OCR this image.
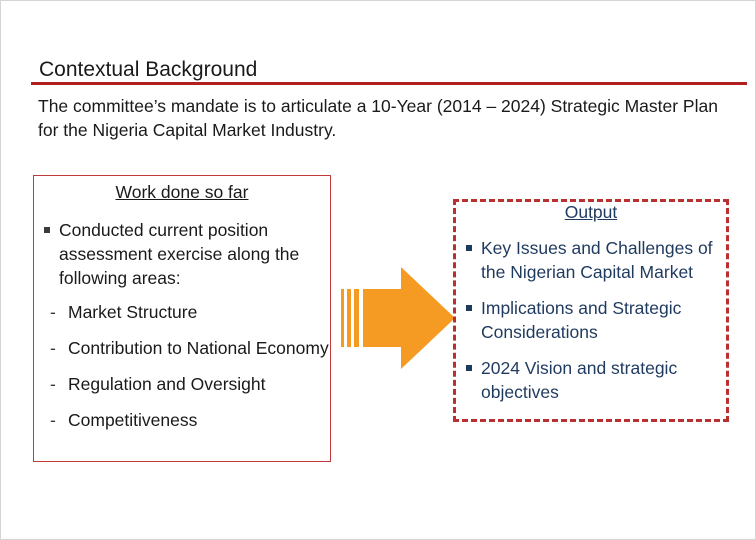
Contextual Background
The committee’s mandate is to articulate a 10-Year (2014 – 2024) Strategic Master Plan for the Nigeria Capital Market Industry.
Work done so far
Conducted current position assessment exercise along the following areas:
- Market Structure
- Contribution to National Economy
- Regulation and Oversight
- Competitiveness
Output
Key Issues and Challenges of the Nigerian Capital Market
Implications and Strategic Considerations
2024 Vision and strategic objectives
